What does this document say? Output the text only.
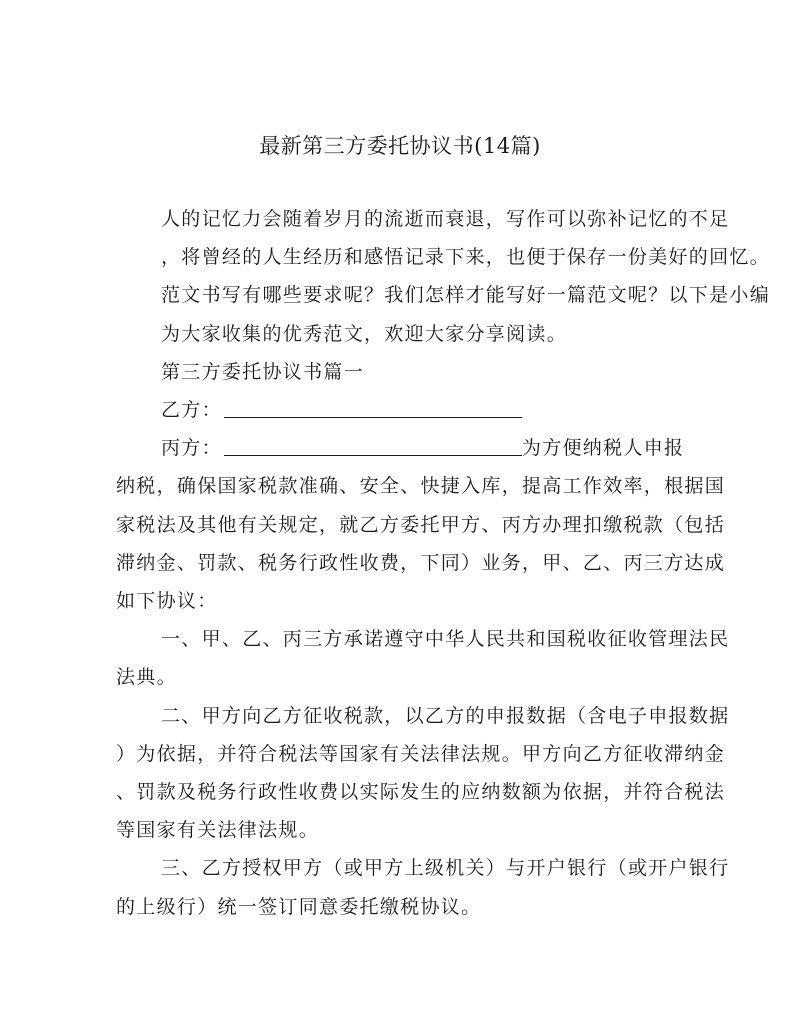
最新第三方委托协议书(14篇)

人的记忆力会随着岁月的流逝而衰退，写作可以弥补记忆的不足
，将曾经的人生经历和感悟记录下来，也便于保存一份美好的回忆。
范文书写有哪些要求呢？我们怎样才能写好一篇范文呢？以下是小编
为大家收集的优秀范文，欢迎大家分享阅读。

第三方委托协议书篇一

乙方：

丙方：	为方便纳税人申报

纳税，确保国家税款准确、安全、快捷入库，提高工作效率，根据国
家税法及其他有关规定，就乙方委托甲方、丙方办理扣缴税款（包括
滞纳金、罚款、税务行政性收费，下同）业务，甲、乙、丙三方达成
如下协议：

一、甲、乙、丙三方承诺遵守中华人民共和国税收征收管理法民

法典。

二、甲方向乙方征收税款，以乙方的申报数据（含电子申报数据

）为依据，并符合税法等国家有关法律法规。甲方向乙方征收滞纳金
、罚款及税务行政性收费以实际发生的应纳数额为依据，并符合税法
等国家有关法律法规。

三、乙方授权甲方（或甲方上级机关）与开户银行（或开户银行

的上级行）统一签订同意委托缴税协议。
